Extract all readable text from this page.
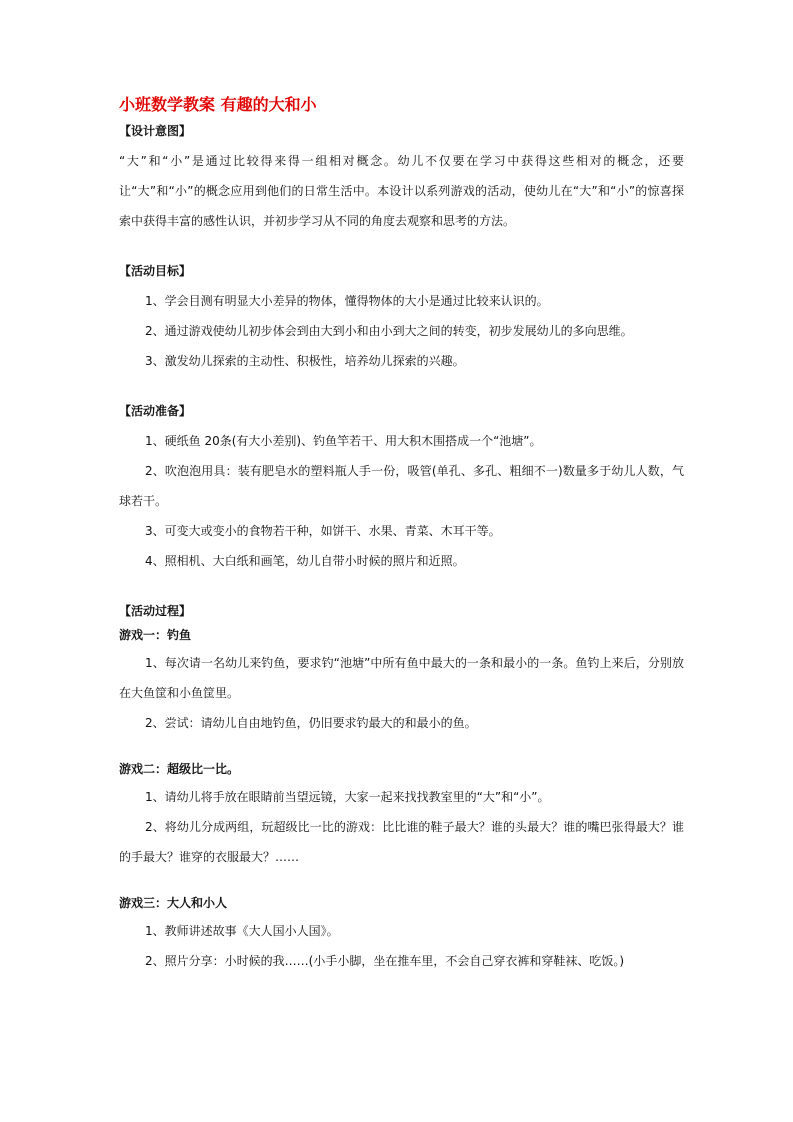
小班数学教案 有趣的大和小
【设计意图】

“大”和“小”是通过比较得来得一组相对概念。幼儿不仅要在学习中获得这些相对的概念，还要让“大”和“小”的概念应用到他们的日常生活中。本设计以系列游戏的活动，使幼儿在“大”和“小”的惊喜探索中获得丰富的感性认识，并初步学习从不同的角度去观察和思考的方法。

【活动目标】

1、学会目测有明显大小差异的物体，懂得物体的大小是通过比较来认识的。

2、通过游戏使幼儿初步体会到由大到小和由小到大之间的转变，初步发展幼儿的多向思维。

3、激发幼儿探索的主动性、积极性，培养幼儿探索的兴趣。

【活动准备】

1、硬纸鱼 20条(有大小差别)、钓鱼竿若干、用大积木围搭成一个“池塘”。

2、吹泡泡用具：装有肥皂水的塑料瓶人手一份，吸管(单孔、多孔、粗细不一)数量多于幼儿人数，气球若干。

3、可变大或变小的食物若干种，如饼干、水果、青菜、木耳干等。

4、照相机、大白纸和画笔，幼儿自带小时候的照片和近照。

【活动过程】
游戏一：钓鱼

1、每次请一名幼儿来钓鱼，要求钓“池塘”中所有鱼中最大的一条和最小的一条。鱼钓上来后，分别放在大鱼筐和小鱼筐里。

2、尝试：请幼儿自由地钓鱼，仍旧要求钓最大的和最小的鱼。

游戏二：超级比一比。

1、请幼儿将手放在眼睛前当望远镜，大家一起来找找教室里的“大”和“小”。

2、将幼儿分成两组，玩超级比一比的游戏：比比谁的鞋子最大？谁的头最大？谁的嘴巴张得最大？谁的手最大？谁穿的衣服最大？……

游戏三：大人和小人

1、教师讲述故事《大人国小人国》。

2、照片分享：小时候的我……(小手小脚，坐在推车里，不会自己穿衣裤和穿鞋袜、吃饭。)
